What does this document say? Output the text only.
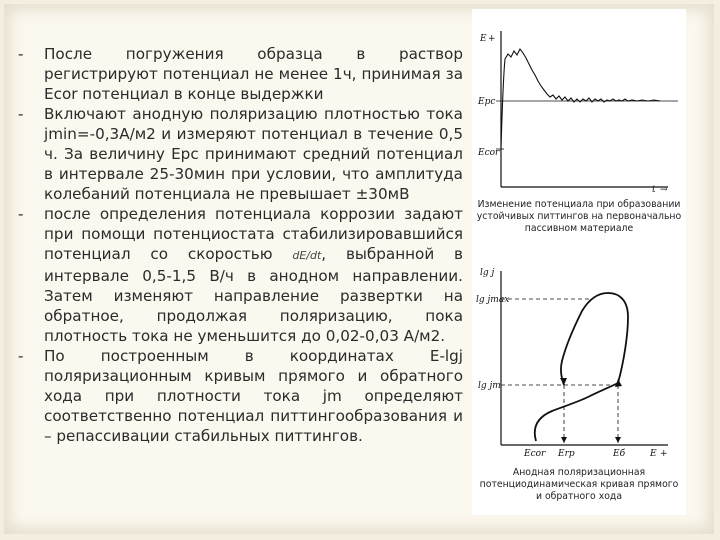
- После погружения образца в раствор регистрируют потенциал не менее 1ч, принимая за Ecor потенциал в конце выдержки
- Включают анодную поляризацию плотностью тока jmin=-0,3А/м2 и измеряют потенциал в течение 0,5 ч. За величину Eрс принимают средний потенциал в интервале 25-30мин при условии, что амплитуда колебаний потенциала не превышает ±30мВ
- после определения потенциала коррозии задают при помощи потенциостата стабилизировавшийся потенциал со скоростью dE/dt, выбранной в интервале 0,5-1,5 В/ч в анодном направлении. Затем изменяют направление развертки на обратное, продолжая поляризацию, пока плотность тока не уменьшится до 0,02-0,03 А/м2.
- По построенным в координатах E-lgj поляризационным кривым прямого и обратного хода при плотности тока jm определяют соответственно потенциал питтингообразования и – репассивации стабильных питтингов.
E +
Eрс
Ecor
t →
lg j
lg jmax
lg jm
Ecor Erp	Eб	E +
Изменение потенциала при образовании устойчивых питтингов на первоначально пассивном материале
Анодная поляризационная потенциодинамическая кривая прямого и обратного хода
